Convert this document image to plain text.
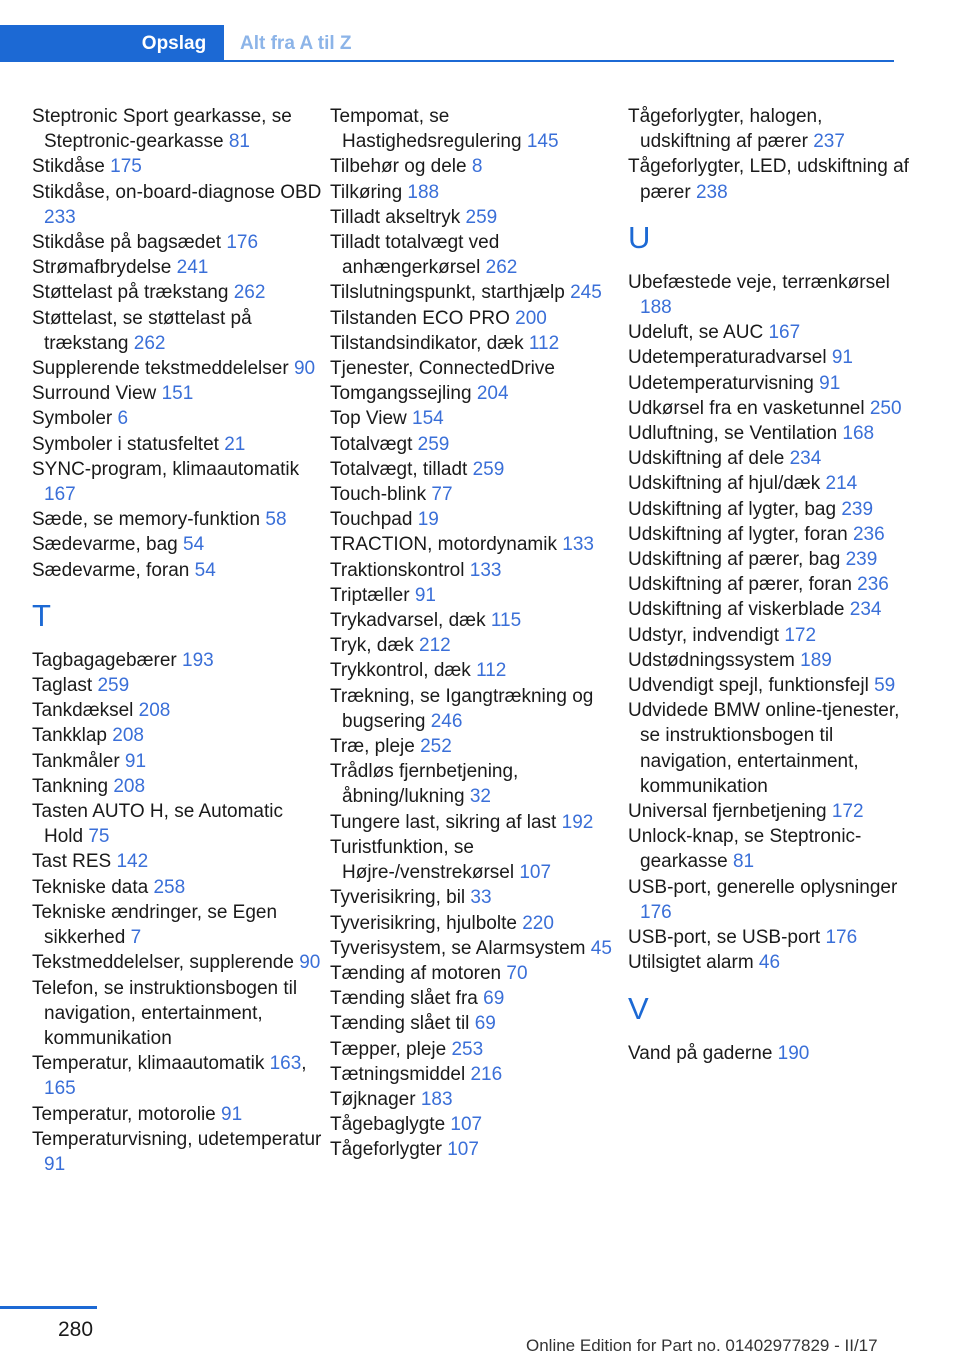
Opslag	Alt fra A til Z
Steptronic Sport gearkasse, se Steptronic-gearkasse 81
Stikdåse 175
Stikdåse, on-board-diagnose OBD 233
Stikdåse på bagsædet 176
Strømafbrydelse 241
Støttelast på trækstang 262
Støttelast, se støttelast på trækstang 262
Supplerende tekstmeddelelser 90
Surround View 151
Symboler 6
Symboler i statusfeltet 21
SYNC-program, klimaautomatik 167
Sæde, se memory-funktion 58
Sædevarme, bag 54
Sædevarme, foran 54
T
Tagbagagebærer 193
Taglast 259
Tankdæksel 208
Tankklap 208
Tankmåler 91
Tankning 208
Tasten AUTO H, se Automatic Hold 75
Tast RES 142
Tekniske data 258
Tekniske ændringer, se Egen sikkerhed 7
Tekstmeddelelser, supplerende 90
Telefon, se instruktionsbogen til navigation, entertainment, kommunikation
Temperatur, klimaautomatik 163, 165
Temperatur, motorolie 91
Temperaturvisning, udetemperatur 91
Tempomat, se Hastighedsregulering 145
Tilbehør og dele 8
Tilkøring 188
Tilladt akseltryk 259
Tilladt totalvægt ved anhængerkørsel 262
Tilslutningspunkt, starthjælp 245
Tilstanden ECO PRO 200
Tilstandsindikator, dæk 112
Tjenester, ConnectedDrive
Tomgangssejling 204
Top View 154
Totalvægt 259
Totalvægt, tilladt 259
Touch-blink 77
Touchpad 19
TRACTION, motordynamik 133
Traktionskontrol 133
Triptæller 91
Trykadvarsel, dæk 115
Tryk, dæk 212
Trykkontrol, dæk 112
Trækning, se Igangtrækning og bugsering 246
Træ, pleje 252
Trådløs fjernbetjening, åbning/lukning 32
Tungere last, sikring af last 192
Turistfunktion, se Højre-/venstrekørsel 107
Tyverisikring, bil 33
Tyverisikring, hjulbolte 220
Tyverisystem, se Alarmsystem 45
Tænding af motoren 70
Tænding slået fra 69
Tænding slået til 69
Tæpper, pleje 253
Tætningsmiddel 216
Tøjknager 183
Tågebaglygte 107
Tågeforlygter 107
Tågeforlygter, halogen, udskiftning af pærer 237
Tågeforlygter, LED, udskiftning af pærer 238
U
Ubefæstede veje, terrænkørsel 188
Udeluft, se AUC 167
Udetemperaturadvarsel 91
Udetemperaturvisning 91
Udkørsel fra en vasketunnel 250
Udluftning, se Ventilation 168
Udskiftning af dele 234
Udskiftning af hjul/dæk 214
Udskiftning af lygter, bag 239
Udskiftning af lygter, foran 236
Udskiftning af pærer, bag 239
Udskiftning af pærer, foran 236
Udskiftning af viskerblade 234
Udstyr, indvendigt 172
Udstødningssystem 189
Udvendigt spejl, funktionsfejl 59
Udvidede BMW online-tjenester, se instruktionsbogen til navigation, entertainment, kommunikation
Universal fjernbetjening 172
Unlock-knap, se Steptronic-gearkasse 81
USB-port, generelle oplysninger 176
USB-port, se USB-port 176
Utilsigtet alarm 46
V
Vand på gaderne 190
280
Online Edition for Part no. 01402977829 - II/17
